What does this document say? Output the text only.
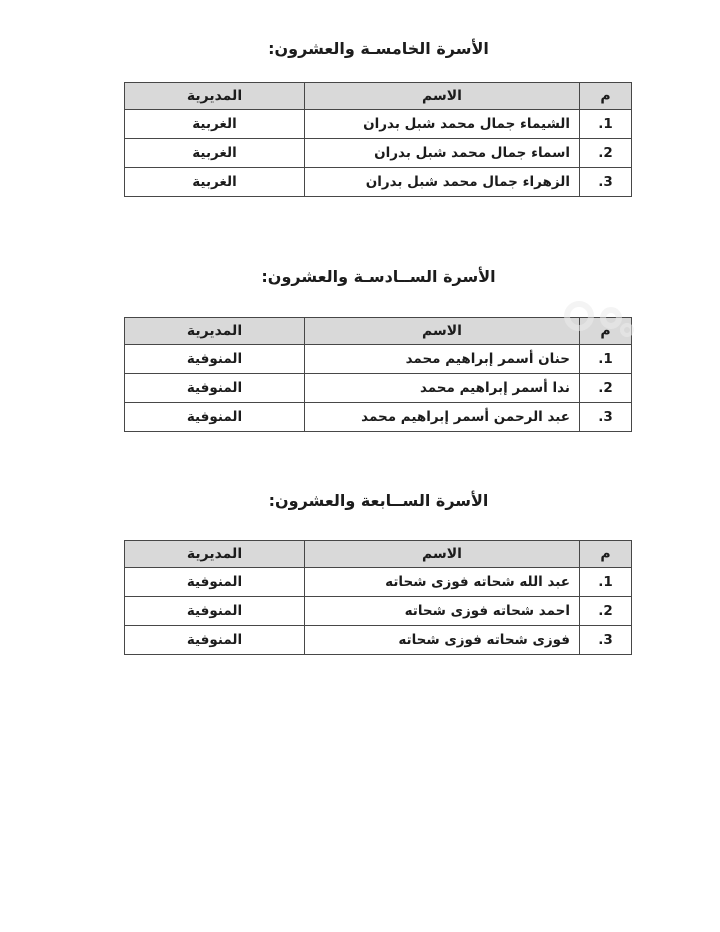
الأسرة الخامسـة والعشرون:
م	الاسم	المديرية
1.	الشيماء جمال محمد شبل بدران	الغربية
2.	اسماء جمال محمد شبل بدران	الغربية
3.	الزهراء جمال محمد شبل بدران	الغربية
الأسرة الســادسـة والعشرون:
م	الاسم	المديرية
1.	حنان أسمر إبراهيم محمد	المنوفية
2.	ندا أسمر إبراهيم محمد	المنوفية
3.	عبد الرحمن أسمر إبراهيم محمد	المنوفية
الأسرة الســابعة والعشرون:
م	الاسم	المديرية
1.	عبد الله شحاته فوزى شحاته	المنوفية
2.	احمد شحاته فوزى شحاته	المنوفية
3.	فوزى شحاته فوزى شحاته	المنوفية
